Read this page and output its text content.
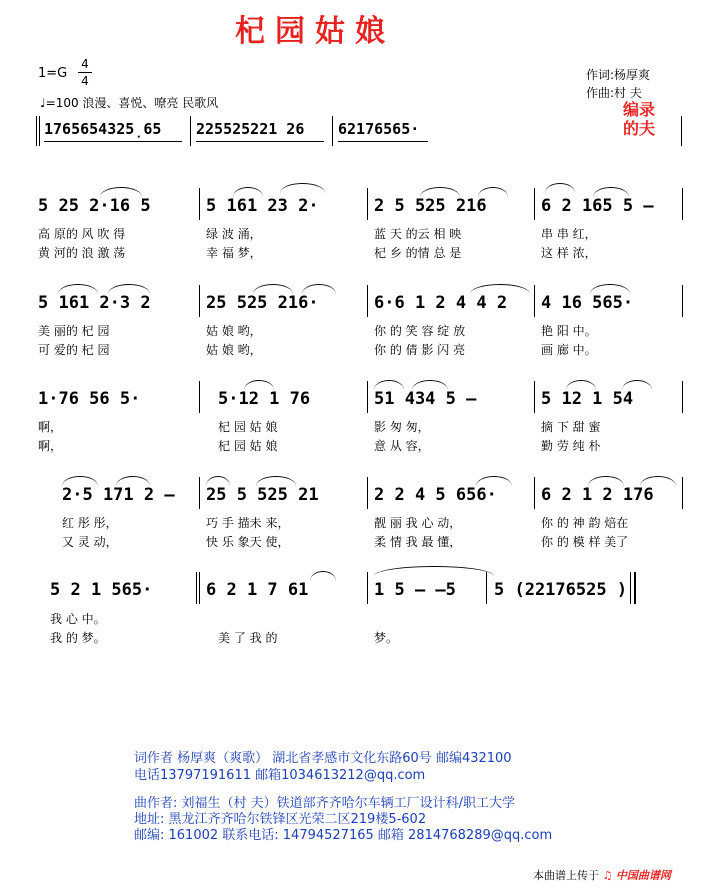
杞园姑娘
1=G
4
4
♩=100 浪漫、喜悦、嘹亮 民歌风
作词:杨厚爽
作曲:村 夫
编录
的夫
1765654325̣65 225525221 26 62176565·
5 25 2·16 5	5 161 23 2·	2 5 525 216	6 2 165 5 –
高 原的 风 吹 得	绿 波 涌，	蓝 天 的云 相 映	串 串 红，
黄 河的 浪 激 荡	幸 福 梦，	杞 乡 的情 总 是	这 样 浓，
5 161 2·3 2	25 525 216·	6·6 1 2 4 4 2 4 16 565·
美 丽的 杞 园	姑 娘 哟，	你 的 笑 容 绽 放	艳 阳 中。
可 爱的 杞 园	姑 娘 哟，	你 的 倩 影 闪 亮	画 廊 中。
1·76 56 5·	5·12 1 76	51 434 5 –	5 12 1 54
啊，	杞 园 姑 娘	影 匆 匆，	摘 下 甜 蜜
啊，	杞 园 姑 娘	意 从 容，	勤 劳 纯 朴
2·5 171 2 – 25 5 525 21	2 2 4 5 656·	6 2 1 2 176
红 彤 彤，	巧 手 描未 来，	靓 丽 我 心 动，	你 的 神 韵 焙在
又 灵 动，	快 乐 象天 使，	柔 情 我 最 懂，	你 的 模 样 美了
5 2 1 565·	6 2 1 7 61	1 5 – –5 5 (22176525 )
我 心 中。
我 的 梦。	美 了 我 的	梦。
词作者 杨厚爽（爽歌） 湖北省孝感市文化东路60号 邮编432100
电话13797191611 邮箱1034613212@qq.com
曲作者: 刘福生（村 夫）铁道部齐齐哈尔车辆工厂设计科/职工大学
地址: 黑龙江齐齐哈尔铁锋区光荣二区219楼5-602
邮编: 161002 联系电话: 14794527165 邮箱 2814768289@qq.com
本曲谱上传于 ♫ 中国曲谱网
